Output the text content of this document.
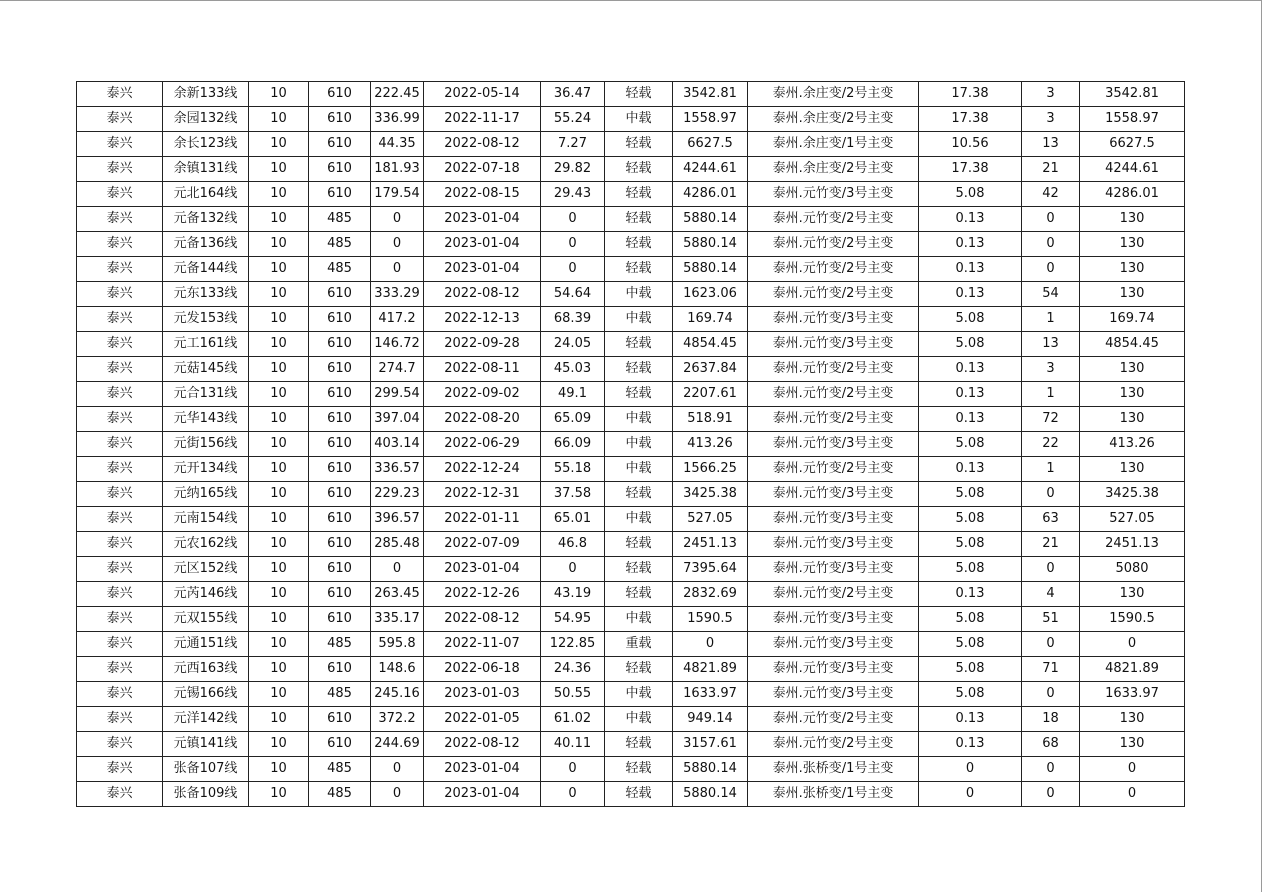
泰兴	余新133线	10	610	222.45	2022-05-14	36.47	轻载	3542.81	泰州.余庄变/2号主变	17.38	3	3542.81
泰兴	余园132线	10	610	336.99	2022-11-17	55.24	中载	1558.97	泰州.余庄变/2号主变	17.38	3	1558.97
泰兴	余长123线	10	610	44.35	2022-08-12	7.27	轻载	6627.5	泰州.余庄变/1号主变	10.56	13	6627.5
泰兴	余镇131线	10	610	181.93	2022-07-18	29.82	轻载	4244.61	泰州.余庄变/2号主变	17.38	21	4244.61
泰兴	元北164线	10	610	179.54	2022-08-15	29.43	轻载	4286.01	泰州.元竹变/3号主变	5.08	42	4286.01
泰兴	元备132线	10	485	0	2023-01-04	0	轻载	5880.14	泰州.元竹变/2号主变	0.13	0	130
泰兴	元备136线	10	485	0	2023-01-04	0	轻载	5880.14	泰州.元竹变/2号主变	0.13	0	130
泰兴	元备144线	10	485	0	2023-01-04	0	轻载	5880.14	泰州.元竹变/2号主变	0.13	0	130
泰兴	元东133线	10	610	333.29	2022-08-12	54.64	中载	1623.06	泰州.元竹变/2号主变	0.13	54	130
泰兴	元发153线	10	610	417.2	2022-12-13	68.39	中载	169.74	泰州.元竹变/3号主变	5.08	1	169.74
泰兴	元工161线	10	610	146.72	2022-09-28	24.05	轻载	4854.45	泰州.元竹变/3号主变	5.08	13	4854.45
泰兴	元菇145线	10	610	274.7	2022-08-11	45.03	轻载	2637.84	泰州.元竹变/2号主变	0.13	3	130
泰兴	元合131线	10	610	299.54	2022-09-02	49.1	轻载	2207.61	泰州.元竹变/2号主变	0.13	1	130
泰兴	元华143线	10	610	397.04	2022-08-20	65.09	中载	518.91	泰州.元竹变/2号主变	0.13	72	130
泰兴	元街156线	10	610	403.14	2022-06-29	66.09	中载	413.26	泰州.元竹变/3号主变	5.08	22	413.26
泰兴	元开134线	10	610	336.57	2022-12-24	55.18	中载	1566.25	泰州.元竹变/2号主变	0.13	1	130
泰兴	元纳165线	10	610	229.23	2022-12-31	37.58	轻载	3425.38	泰州.元竹变/3号主变	5.08	0	3425.38
泰兴	元南154线	10	610	396.57	2022-01-11	65.01	中载	527.05	泰州.元竹变/3号主变	5.08	63	527.05
泰兴	元农162线	10	610	285.48	2022-07-09	46.8	轻载	2451.13	泰州.元竹变/3号主变	5.08	21	2451.13
泰兴	元区152线	10	610	0	2023-01-04	0	轻载	7395.64	泰州.元竹变/3号主变	5.08	0	5080
泰兴	元芮146线	10	610	263.45	2022-12-26	43.19	轻载	2832.69	泰州.元竹变/2号主变	0.13	4	130
泰兴	元双155线	10	610	335.17	2022-08-12	54.95	中载	1590.5	泰州.元竹变/3号主变	5.08	51	1590.5
泰兴	元通151线	10	485	595.8	2022-11-07	122.85	重载	0	泰州.元竹变/3号主变	5.08	0	0
泰兴	元西163线	10	610	148.6	2022-06-18	24.36	轻载	4821.89	泰州.元竹变/3号主变	5.08	71	4821.89
泰兴	元锡166线	10	485	245.16	2023-01-03	50.55	中载	1633.97	泰州.元竹变/3号主变	5.08	0	1633.97
泰兴	元洋142线	10	610	372.2	2022-01-05	61.02	中载	949.14	泰州.元竹变/2号主变	0.13	18	130
泰兴	元镇141线	10	610	244.69	2022-08-12	40.11	轻载	3157.61	泰州.元竹变/2号主变	0.13	68	130
泰兴	张备107线	10	485	0	2023-01-04	0	轻载	5880.14	泰州.张桥变/1号主变	0	0	0
泰兴	张备109线	10	485	0	2023-01-04	0	轻载	5880.14	泰州.张桥变/1号主变	0	0	0
